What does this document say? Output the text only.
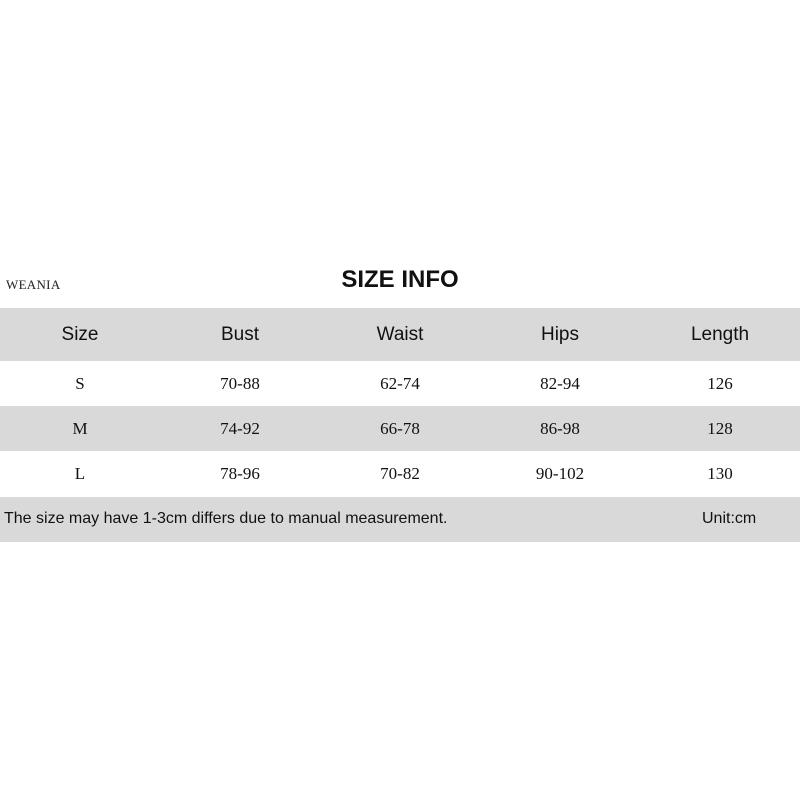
WEANIA	SIZE INFO
Size	Bust	Waist	Hips	Length
S	70-88	62-74	82-94	126
M	74-92	66-78	86-98	128
L	78-96	70-82	90-102	130
The size may have 1-3cm differs due to manual measurement.	Unit:cm
